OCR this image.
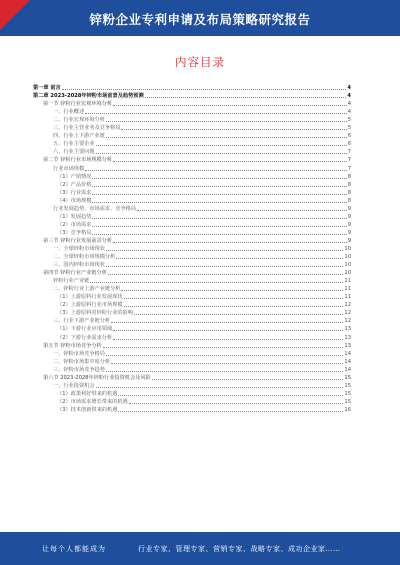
锌粉企业专利申请及布局策略研究报告
内容目录
第一章 前言	4
第二章 2023-2028年锌粉市场前景及趋势预测	4
第一节 锌粉行业宏观环境分析	4
一、行业概述	4
二、行业宏观环境分析	5
三、行业主营业务及竞争格局	5
四、行业上下游产业链	6
五、行业主要企业	6
六、行业主要问题	7
第二节 锌粉行业市场规模分析	7
行业市场规模	7
（1）产销情况	8
（2）产品价格	8
（3）行业需求	8
（4）市场规模	8
行业发展趋势、市场需求、竞争格局	9
（1）发展趋势	9
（2）市场需求	9
（3）竞争格局	9
第三节 锌粉行业发展前景分析	9
一、全球锌粉市场现状	10
二、全球锌粉市场规模分析	10
三、国内锌粉市场现状	10
第四节 锌粉行业产业链分析	10
锌粉行业产业链	11
二、锌粉行业上游产业链分析	11
（1）上游原料行业发展现状	11
（2）上游原料行业市场规模	12
（3）上游原料对锌粉行业的影响	12
三、行业下游产业链分析	12
（1）下游行业应用领域	13
（2）下游行业需求分析	13
第五节 锌粉市场竞争分析	13
一、锌粉市场竞争格局	14
二、锌粉市场集中度分析	14
三、锌粉市场竞争趋势	14
第六节 2023-2028年锌粉行业投资机会及风险	15
一、行业投资机会	15
（1）政策利好带来的机遇	15
（2）市场需求增长带来的机遇	15
（3）技术创新带来的机遇	16
让每个人都能成为	行业专家、管理专家、营销专家、战略专家、成功企业家……
